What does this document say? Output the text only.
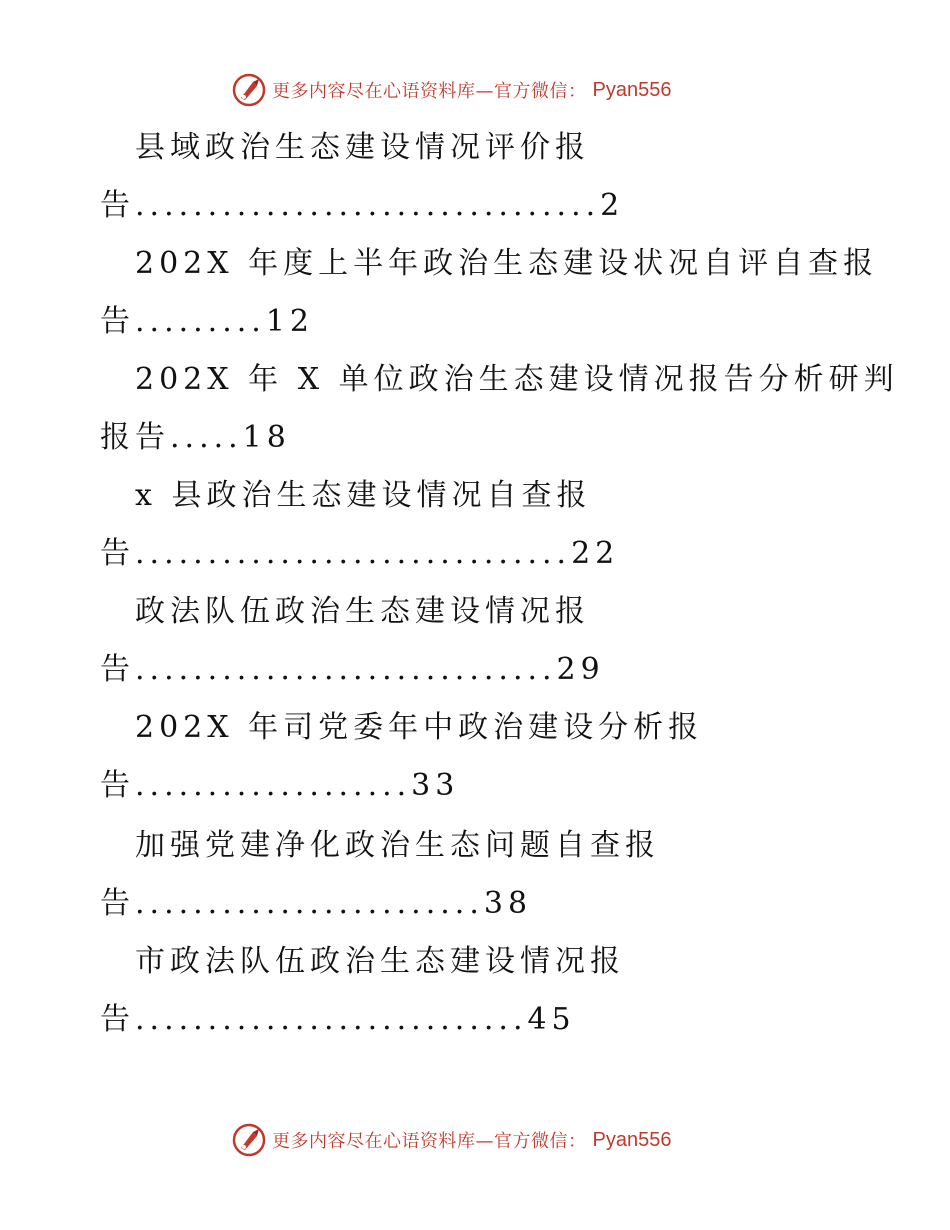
更多内容尽在心语资料库—官方微信： Pyan556
县域政治生态建设情况评价报
告................................2
202X 年度上半年政治生态建设状况自评自查报
告.........12
202X 年 X 单位政治生态建设情况报告分析研判
报告.....18
x 县政治生态建设情况自查报
告..............................22
政法队伍政治生态建设情况报
告.............................29
202X 年司党委年中政治建设分析报
告...................33
加强党建净化政治生态问题自查报
告........................38
市政法队伍政治生态建设情况报
告...........................45
更多内容尽在心语资料库—官方微信： Pyan556
